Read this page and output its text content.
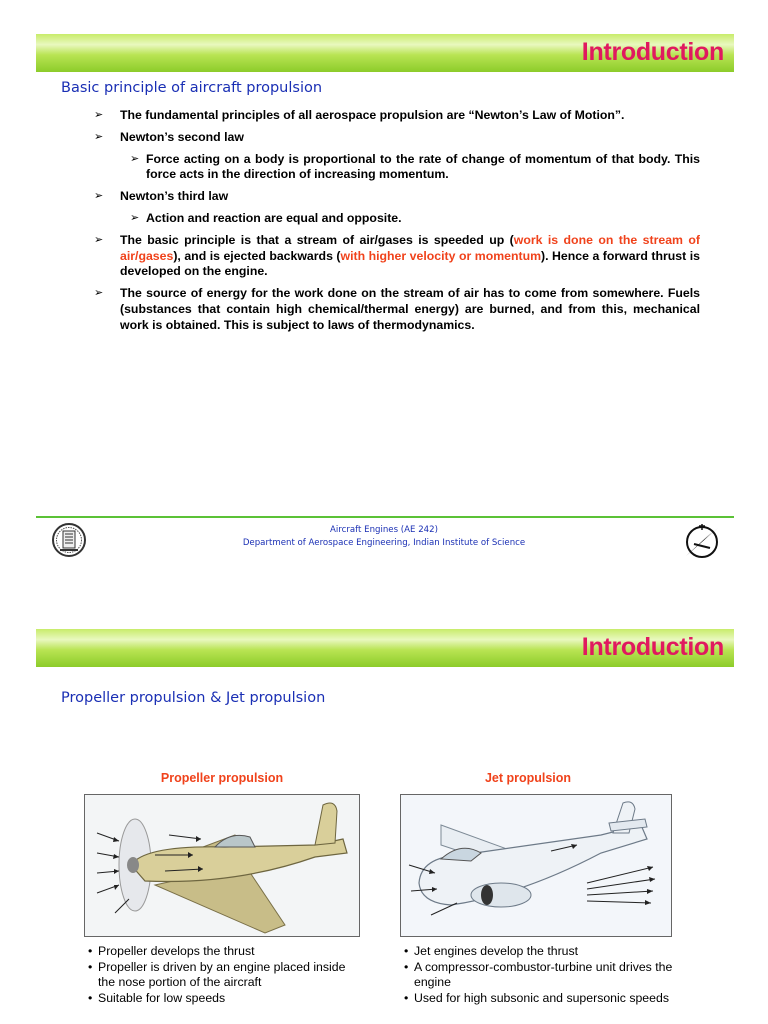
Introduction
Basic principle of aircraft propulsion
➢ The fundamental principles of all aerospace propulsion are “Newton’s Law of Motion”.
➢ Newton’s second law
➢ Force acting on a body is proportional to the rate of change of momentum of that body. This force acts in the direction of increasing momentum.
➢ Newton’s third law
➢ Action and reaction are equal and opposite.
➢ The basic principle is that a stream of air/gases is speeded up (work is done on the stream of air/gases), and is ejected backwards (with higher velocity or momentum). Hence a forward thrust is developed on the engine.
➢ The source of energy for the work done on the stream of air has to come from somewhere. Fuels (substances that contain high chemical/thermal energy) are burned, and from this, mechanical work is obtained. This is subject to laws of thermodynamics.
Aircraft Engines (AE 242)
Department of Aerospace Engineering, Indian Institute of Science
Introduction
Propeller propulsion & Jet propulsion
Propeller propulsion	Jet propulsion
• Propeller develops the thrust
• Propeller is driven by an engine placed inside the nose portion of the aircraft
• Suitable for low speeds
• Jet engines develop the thrust
• A compressor-combustor-turbine unit drives the engine
• Used for high subsonic and supersonic speeds
